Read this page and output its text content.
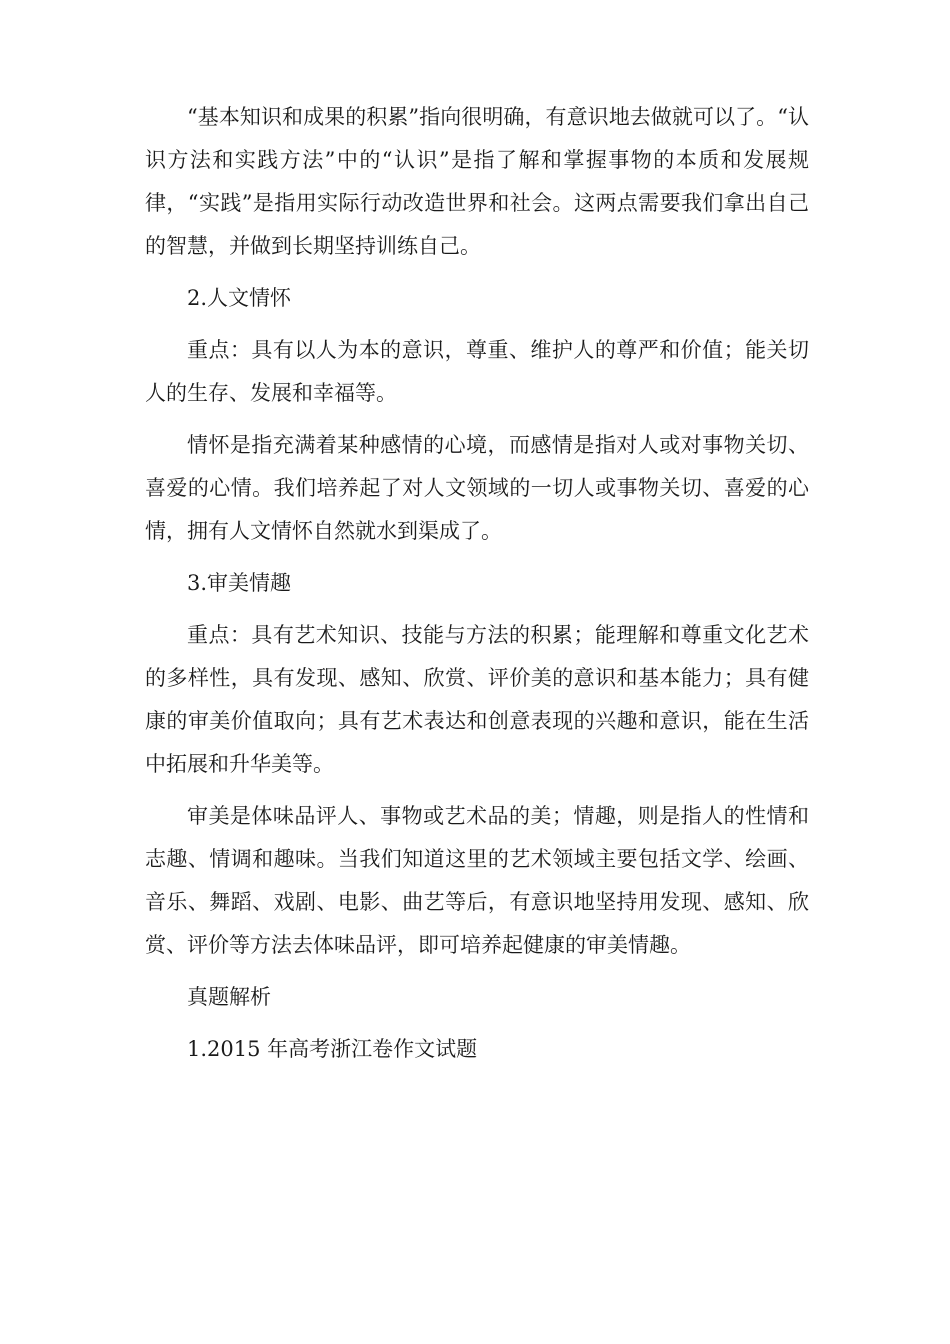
“基本知识和成果的积累”指向很明确，有意识地去做就可以了。“认识方法和实践方法”中的“认识”是指了解和掌握事物的本质和发展规律，“实践”是指用实际行动改造世界和社会。这两点需要我们拿出自己的智慧，并做到长期坚持训练自己。

2.人文情怀

重点：具有以人为本的意识，尊重、维护人的尊严和价值；能关切人的生存、发展和幸福等。

情怀是指充满着某种感情的心境，而感情是指对人或对事物关切、喜爱的心情。我们培养起了对人文领域的一切人或事物关切、喜爱的心情，拥有人文情怀自然就水到渠成了。

3.审美情趣

重点：具有艺术知识、技能与方法的积累；能理解和尊重文化艺术的多样性，具有发现、感知、欣赏、评价美的意识和基本能力；具有健康的审美价值取向；具有艺术表达和创意表现的兴趣和意识，能在生活中拓展和升华美等。

审美是体味品评人、事物或艺术品的美；情趣，则是指人的性情和志趣、情调和趣味。当我们知道这里的艺术领域主要包括文学、绘画、音乐、舞蹈、戏剧、电影、曲艺等后，有意识地坚持用发现、感知、欣赏、评价等方法去体味品评，即可培养起健康的审美情趣。

真题解析

1.2015 年高考浙江卷作文试题
